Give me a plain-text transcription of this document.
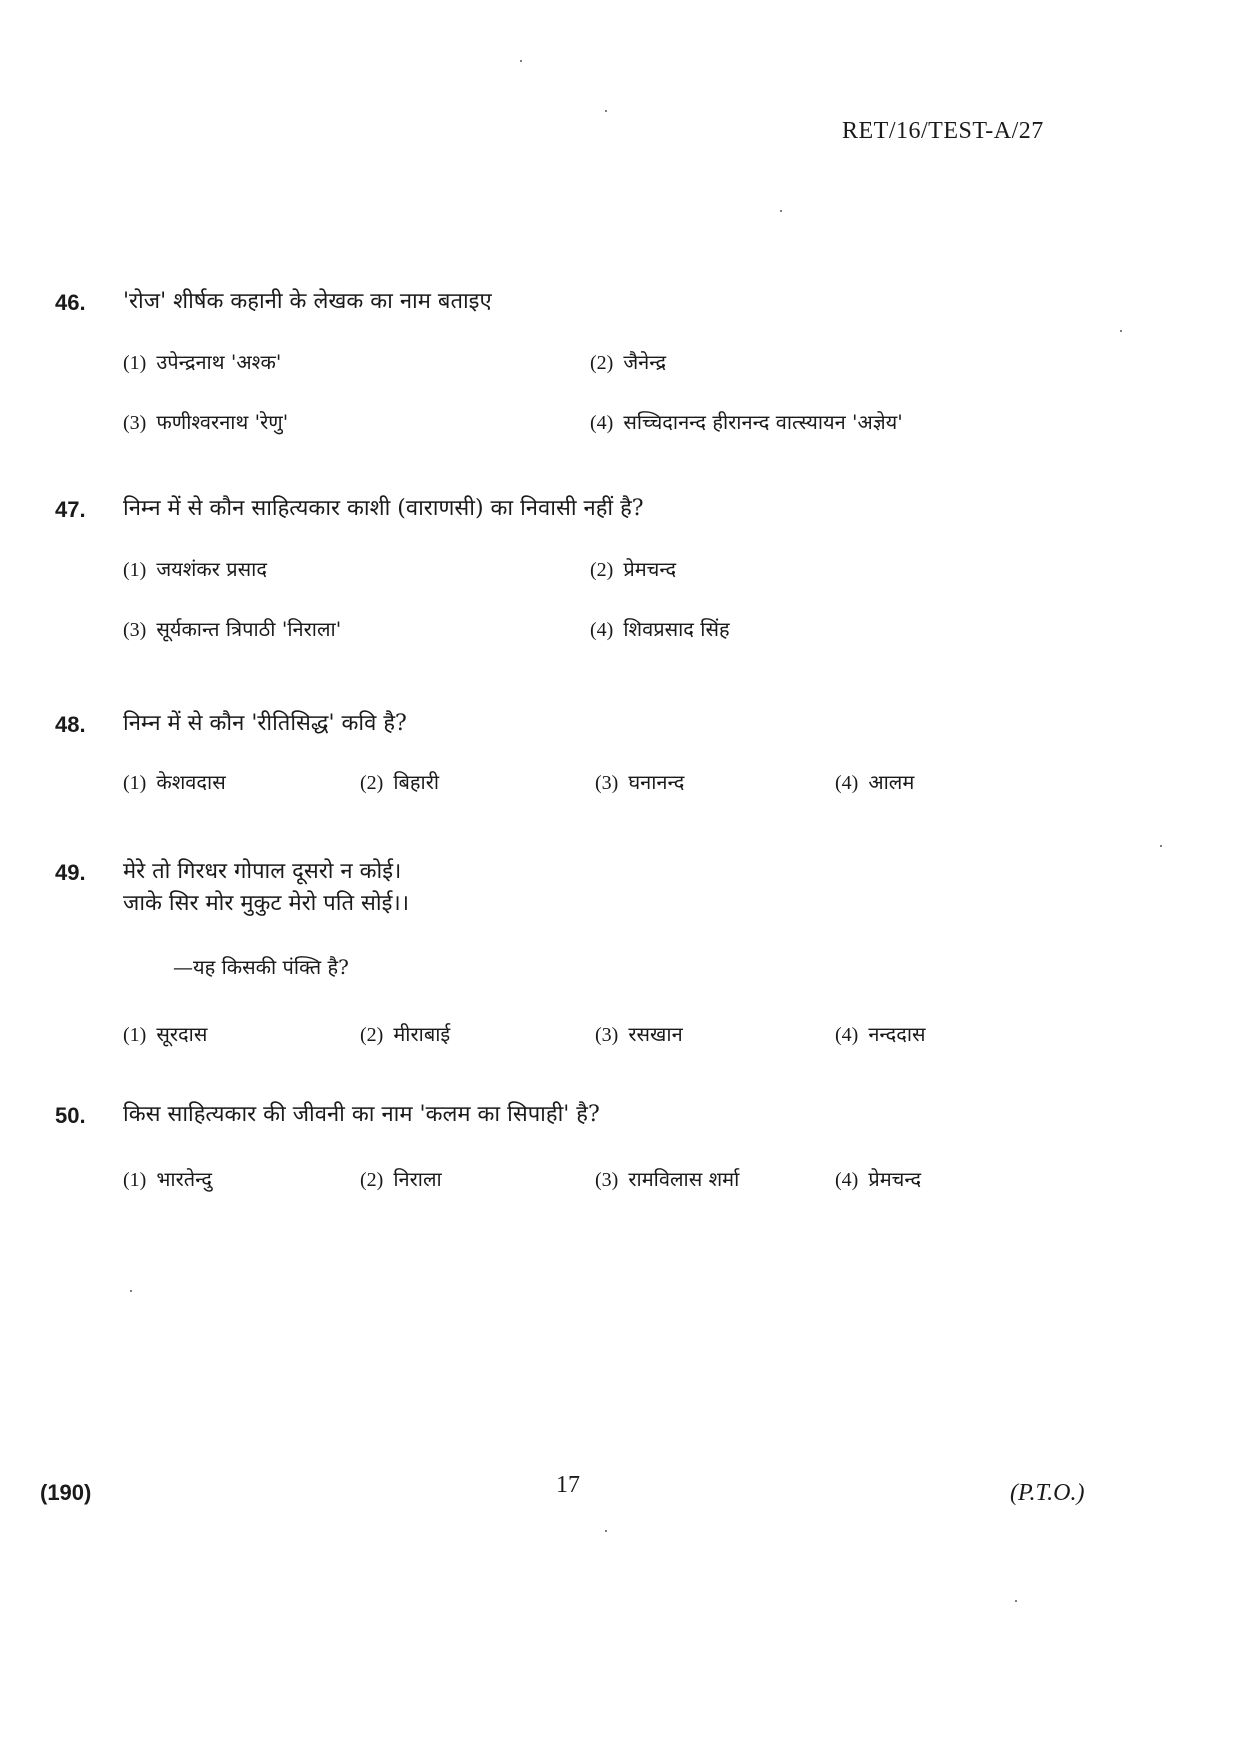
RET/16/TEST-A/27
46. 'रोज' शीर्षक कहानी के लेखक का नाम बताइए
(1) उपेन्द्रनाथ 'अश्क'	(2) जैनेन्द्र
(3) फणीश्वरनाथ 'रेणु'	(4) सच्चिदानन्द हीरानन्द वात्स्यायन 'अज्ञेय'
47. निम्न में से कौन साहित्यकार काशी (वाराणसी) का निवासी नहीं है?
(1) जयशंकर प्रसाद	(2) प्रेमचन्द
(3) सूर्यकान्त त्रिपाठी 'निराला'	(4) शिवप्रसाद सिंह
48. निम्न में से कौन 'रीतिसिद्ध' कवि है?
(1) केशवदास	(2) बिहारी	(3) घनानन्द	(4) आलम
49. मेरे तो गिरधर गोपाल दूसरो न कोई।
जाके सिर मोर मुकुट मेरो पति सोई।।
—यह किसकी पंक्ति है?
(1) सूरदास	(2) मीराबाई	(3) रसखान	(4) नन्ददास
50. किस साहित्यकार की जीवनी का नाम 'कलम का सिपाही' है?
(1) भारतेन्दु	(2) निराला	(3) रामविलास शर्मा	(4) प्रेमचन्द
(190)	17	(P.T.O.)
